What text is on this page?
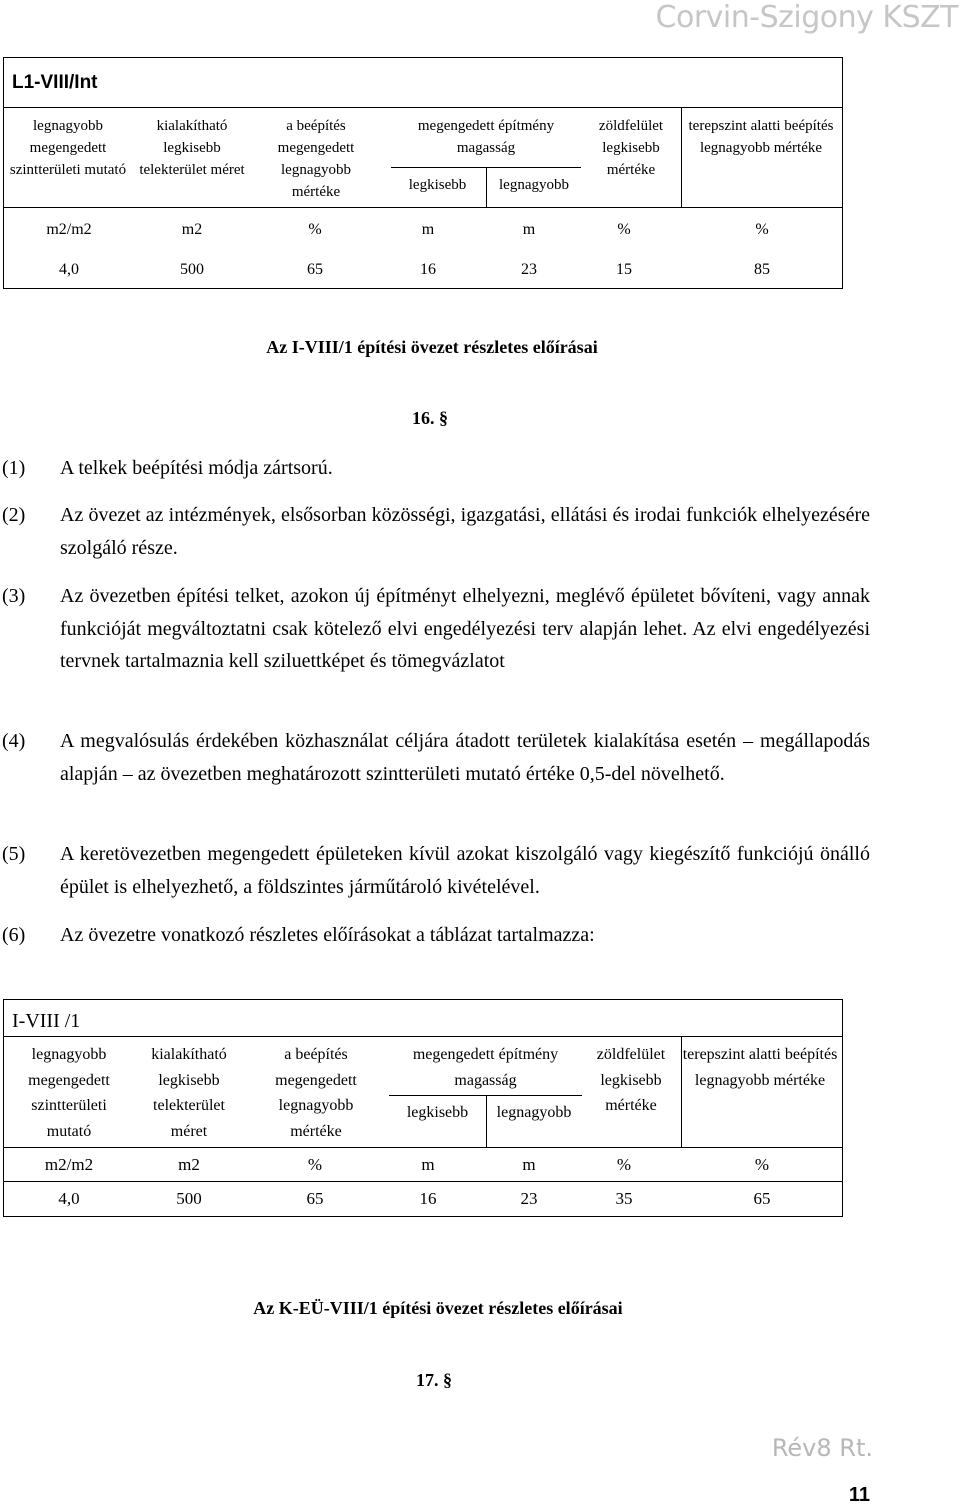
Corvin-Szigony KSZT
L1-VIII/Int
legnagyobb megengedett szintterületi mutató
kialakítható legkisebb telekterület méret
a beépítés megengedett legnagyobb mértéke
megengedett építmény magasság
legkisebb	legnagyobb
zöldfelület legkisebb mértéke
terepszint alatti beépítés legnagyobb mértéke
m2/m2	m2	%	m	m	%	%
4,0	500	65	16	23	15	85
Az I-VIII/1 építési övezet részletes előírásai
16. §
(1) A telkek beépítési módja zártsorú.
(2) Az övezet az intézmények, elsősorban közösségi, igazgatási, ellátási és irodai funkciók elhelyezésére szolgáló része.
(3) Az övezetben építési telket, azokon új építményt elhelyezni, meglévő épületet bővíteni, vagy annak funkcióját megváltoztatni csak kötelező elvi engedélyezési terv alapján lehet. Az elvi engedélyezési tervnek tartalmaznia kell sziluettképet és tömegvázlatot
(4) A megvalósulás érdekében közhasználat céljára átadott területek kialakítása esetén – megállapodás alapján – az övezetben meghatározott szintterületi mutató értéke 0,5-del növelhető.
(5) A keretövezetben megengedett épületeken kívül azokat kiszolgáló vagy kiegészítő funkciójú önálló épület is elhelyezhető, a földszintes járműtároló kivételével.
(6) Az övezetre vonatkozó részletes előírásokat a táblázat tartalmazza:
I-VIII /1
legnagyobb megengedett szintterületi mutató
kialakítható legkisebb telekterület méret
a beépítés megengedett legnagyobb mértéke
megengedett építmény magasság
legkisebb	legnagyobb
zöldfelület legkisebb mértéke
terepszint alatti beépítés legnagyobb mértéke
m2/m2	m2	%	m	m	%	%
4,0	500	65	16	23	35	65
Az K-EÜ-VIII/1 építési övezet részletes előírásai
17. §
Rév8 Rt.
11
